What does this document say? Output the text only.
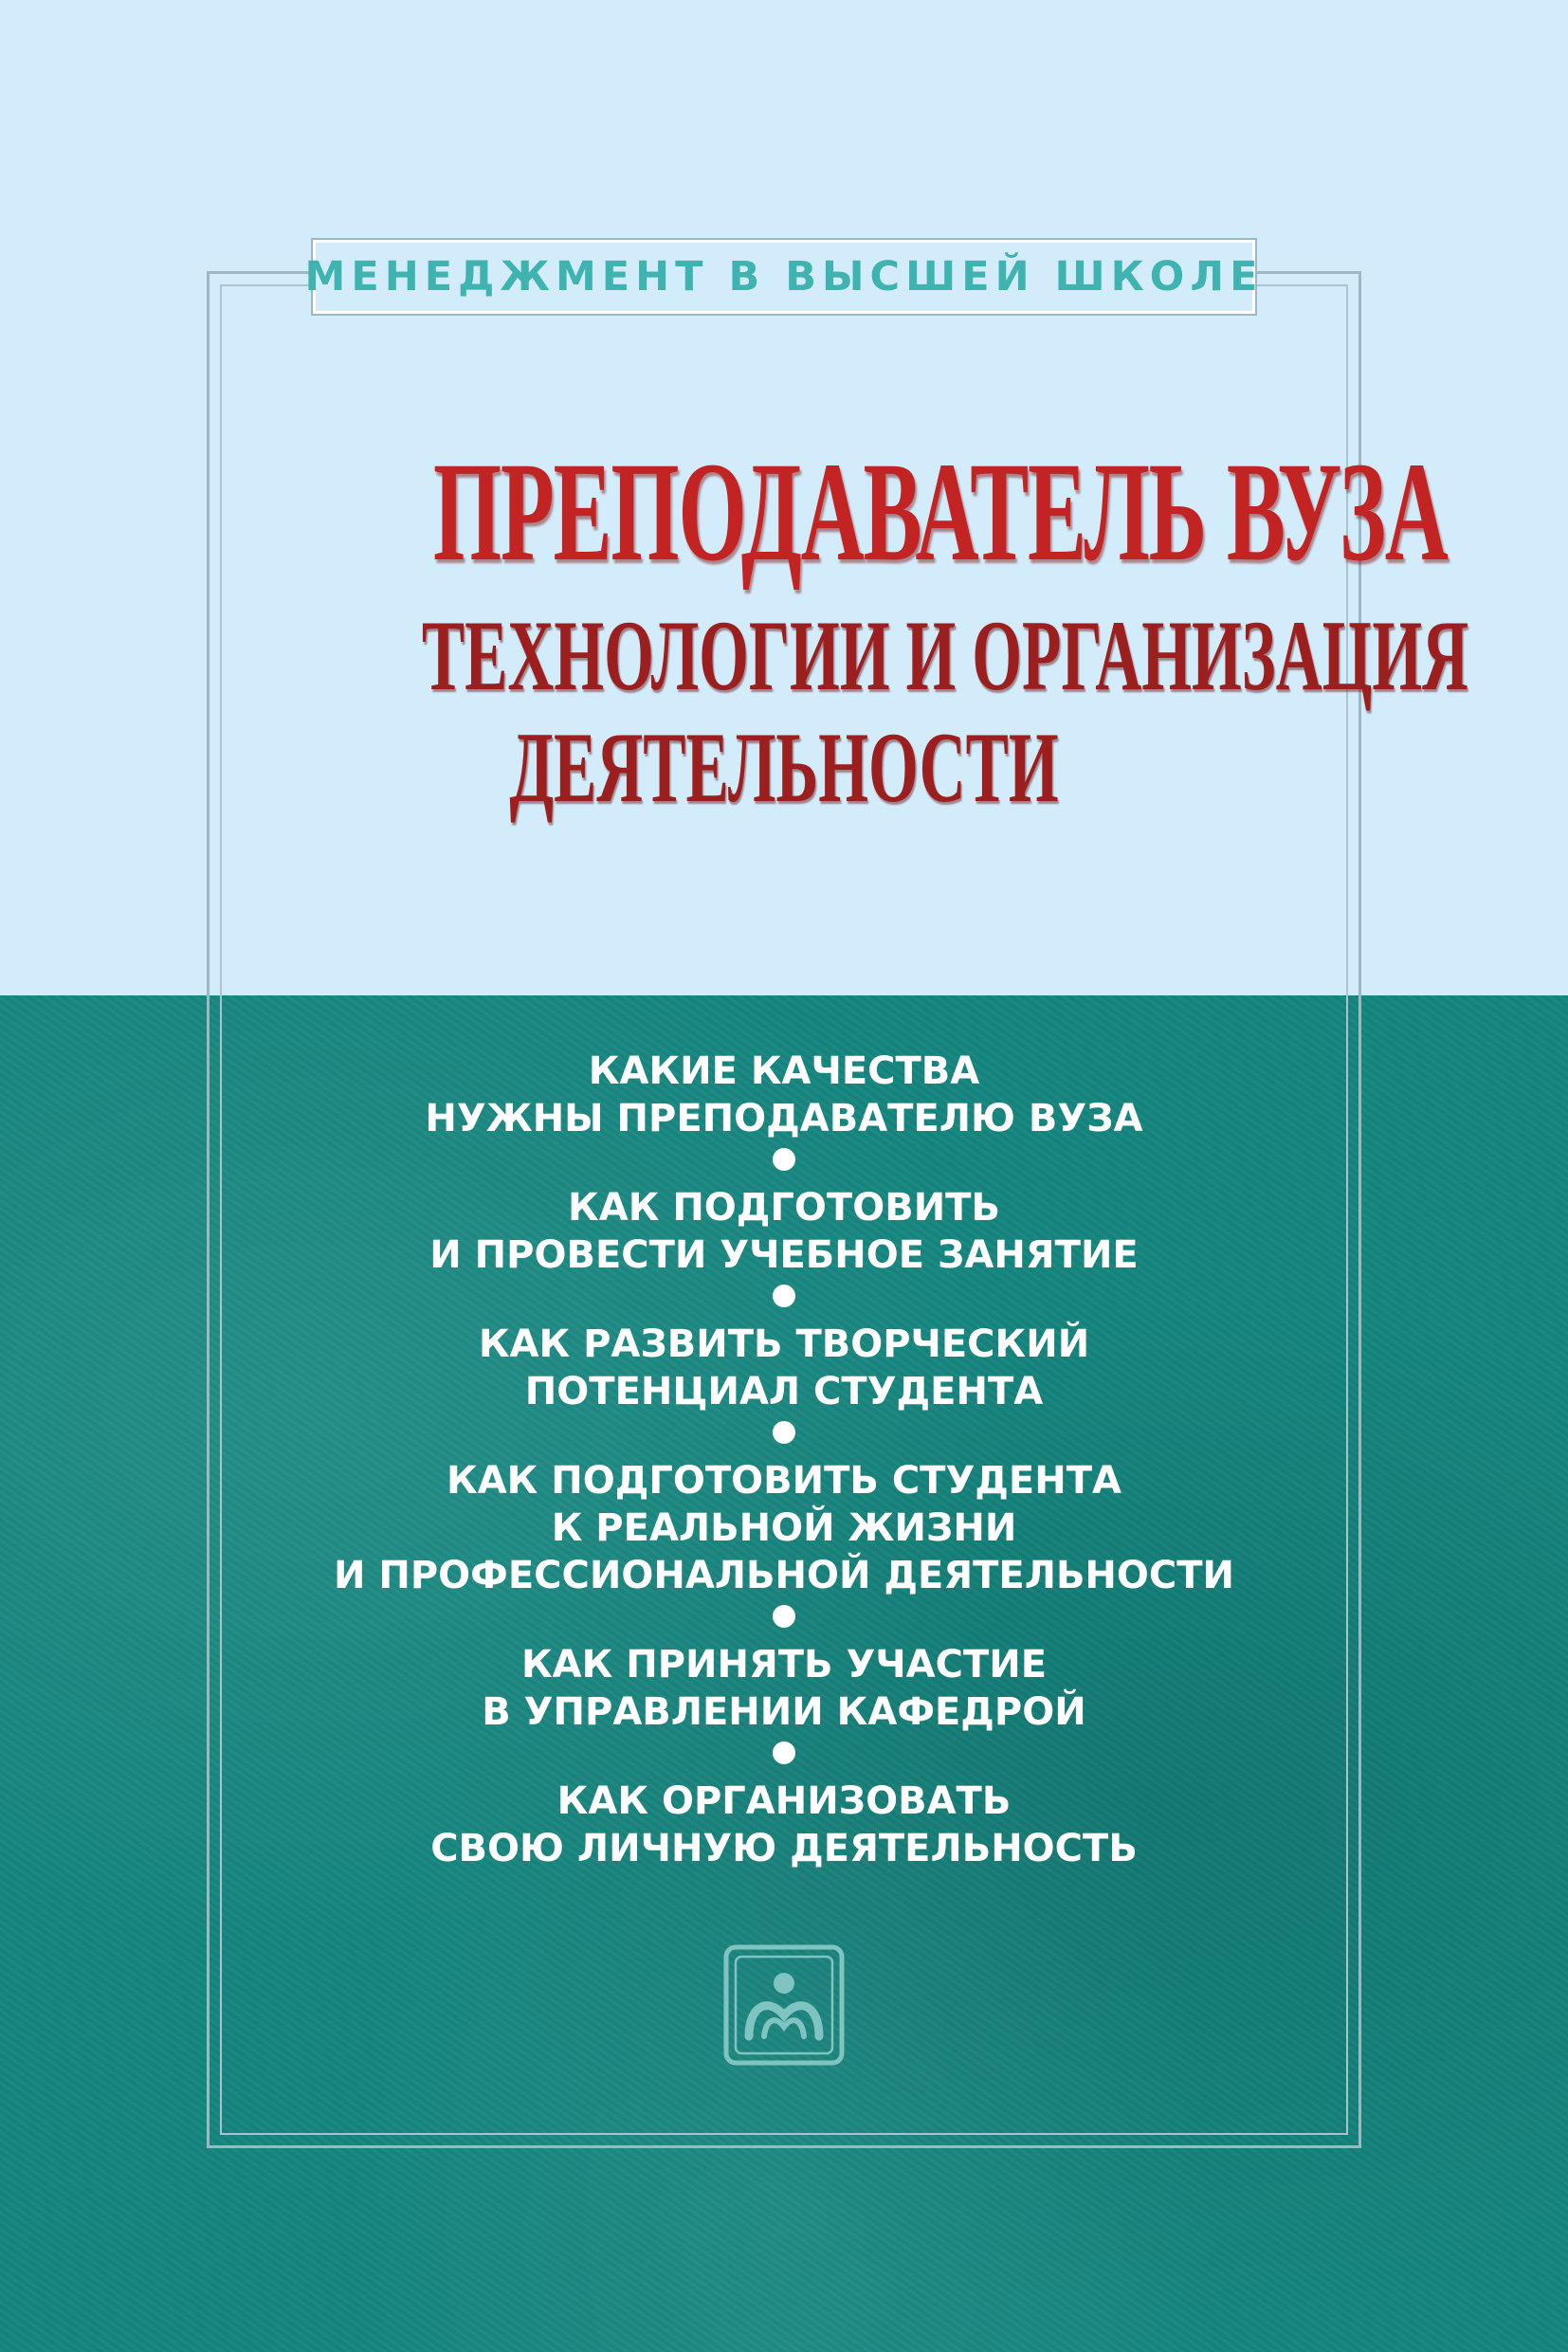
МЕНЕДЖМЕНТ В ВЫСШЕЙ ШКОЛЕ
ПРЕПОДАВАТЕЛЬ ВУЗА
ТЕХНОЛОГИИ И ОРГАНИЗАЦИЯ
ДЕЯТЕЛЬНОСТИ
КАКИЕ КАЧЕСТВА
НУЖНЫ ПРЕПОДАВАТЕЛЮ ВУЗА
КАК ПОДГОТОВИТЬ
И ПРОВЕСТИ УЧЕБНОЕ ЗАНЯТИЕ
КАК РАЗВИТЬ ТВОРЧЕСКИЙ
ПОТЕНЦИАЛ СТУДЕНТА
КАК ПОДГОТОВИТЬ СТУДЕНТА
К РЕАЛЬНОЙ ЖИЗНИ
И ПРОФЕССИОНАЛЬНОЙ ДЕЯТЕЛЬНОСТИ
КАК ПРИНЯТЬ УЧАСТИЕ
В УПРАВЛЕНИИ КАФЕДРОЙ
КАК ОРГАНИЗОВАТЬ
СВОЮ ЛИЧНУЮ ДЕЯТЕЛЬНОСТЬ
